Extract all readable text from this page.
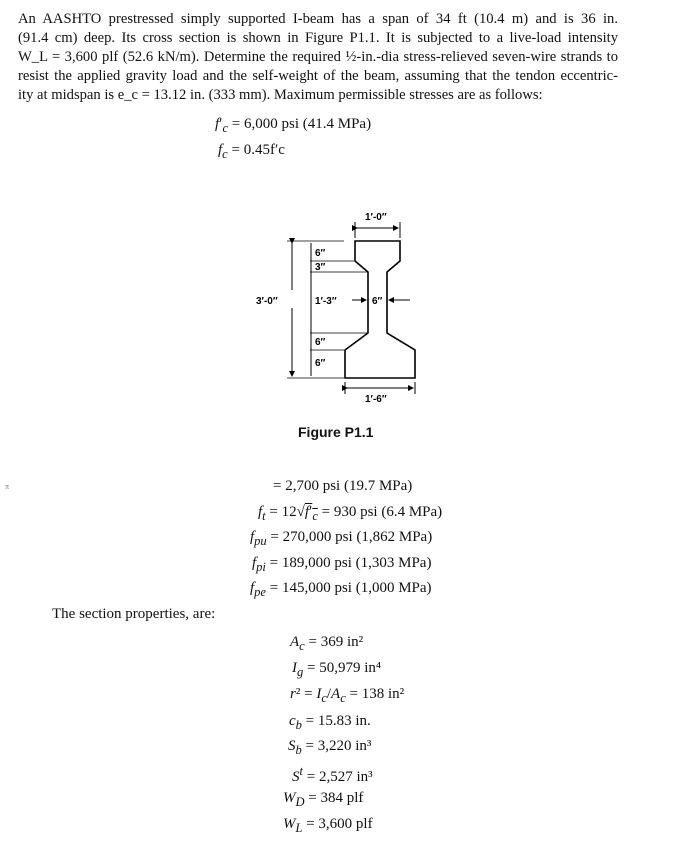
An AASHTO prestressed simply supported I-beam has a span of 34 ft (10.4 m) and is 36 in.
(91.4 cm) deep. Its cross section is shown in Figure P1.1. It is subjected to a live-load intensity
W_L = 3,600 plf (52.6 kN/m). Determine the required ½-in.-dia stress-relieved seven-wire strands to
resist the applied gravity load and the self-weight of the beam, assuming that the tendon eccentric-
ity at midspan is e_c = 13.12 in. (333 mm). Maximum permissible stresses are as follows:
$f'_c = 6,000$ psi (41.4 MPa)
$f_c = 0.45f'c$
1′-0″
1′-6″
6″
3′-0″
6″
3″
1′-3″
6″
6″
Figure P1.1
π	= 2,700 psi (19.7 MPa)
$f_t = 12√f'_c = 930$ psi (6.4 MPa)
$f_{pu} = 270,000$ psi (1,862 MPa)
$f_{pi} = 189,000$ psi (1,303 MPa)
$f_{pe} = 145,000$ psi (1,000 MPa)
The section properties, are:
$A_c = 369$ in²
$I_g = 50,979$ in⁴
$r^2 = I_c/A_c = 138$ in²
$c_b = 15.83$ in.
$S_b = 3,220$ in³
$S^t = 2,527$ in³
$W_D = 384$ plf
$W_L = 3,600$ plf
